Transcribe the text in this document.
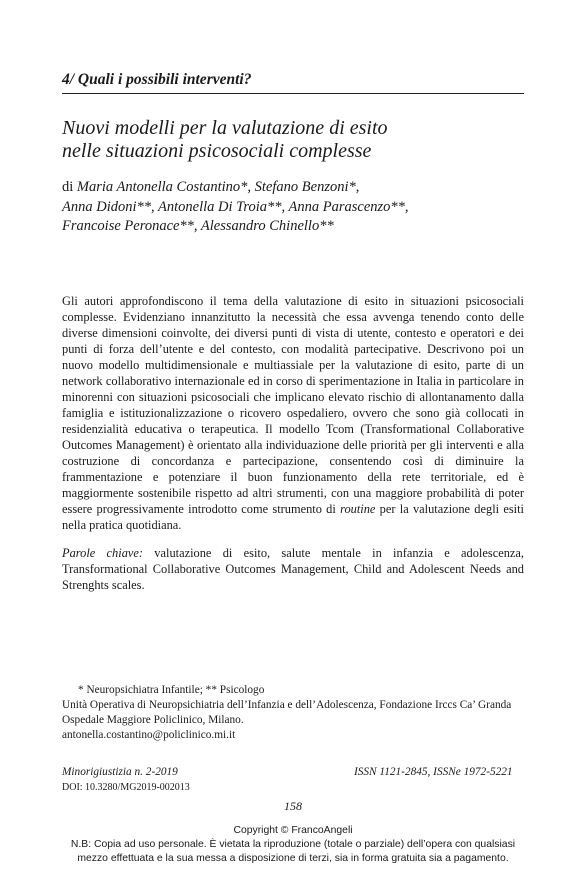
4/ Quali i possibili interventi?
Nuovi modelli per la valutazione di esito
nelle situazioni psicosociali complesse
di Maria Antonella Costantino*, Stefano Benzoni*,
Anna Didoni**, Antonella Di Troia**, Anna Parascenzo**,
Francoise Peronace**, Alessandro Chinello**
Gli autori approfondiscono il tema della valutazione di esito in situazioni psicosociali complesse. Evidenziano innanzitutto la necessità che essa avvenga tenendo conto delle diverse dimensioni coinvolte, dei diversi punti di vista di utente, contesto e operatori e dei punti di forza dell’utente e del contesto, con modalità partecipative. Descrivono poi un nuovo modello multidimensionale e multiassiale per la valutazione di esito, parte di un network collaborativo internazionale ed in corso di sperimentazione in Italia in particolare in minorenni con situazioni psicosociali che implicano elevato rischio di allontanamento dalla famiglia e istituzionalizzazione o ricovero ospedaliero, ovvero che sono già collocati in residenzialità educativa o terapeutica. Il modello Tcom (Transformational Collaborative Outcomes Management) è orientato alla individuazione delle priorità per gli interventi e alla costruzione di concordanza e partecipazione, consentendo così di diminuire la frammentazione e potenziare il buon funzionamento della rete territoriale, ed è maggiormente sostenibile rispetto ad altri strumenti, con una maggiore probabilità di poter essere progressivamente introdotto come strumento di routine per la valutazione degli esiti nella pratica quotidiana.
Parole chiave: valutazione di esito, salute mentale in infanzia e adolescenza, Transformational Collaborative Outcomes Management, Child and Adolescent Needs and Strenghts scales.
* Neuropsichiatra Infantile; ** Psicologo
Unità Operativa di Neuropsichiatria dell’Infanzia e dell’Adolescenza, Fondazione Irccs Ca’ Granda Ospedale Maggiore Policlinico, Milano.
antonella.costantino@policlinico.mi.it
Minorigiustizia n. 2-2019	ISSN 1121-2845, ISSNe 1972-5221
DOI: 10.3280/MG2019-002013
158
Copyright © FrancoAngeli
N.B: Copia ad uso personale. È vietata la riproduzione (totale o parziale) dell’opera con qualsiasi
mezzo effettuata e la sua messa a disposizione di terzi, sia in forma gratuita sia a pagamento.
